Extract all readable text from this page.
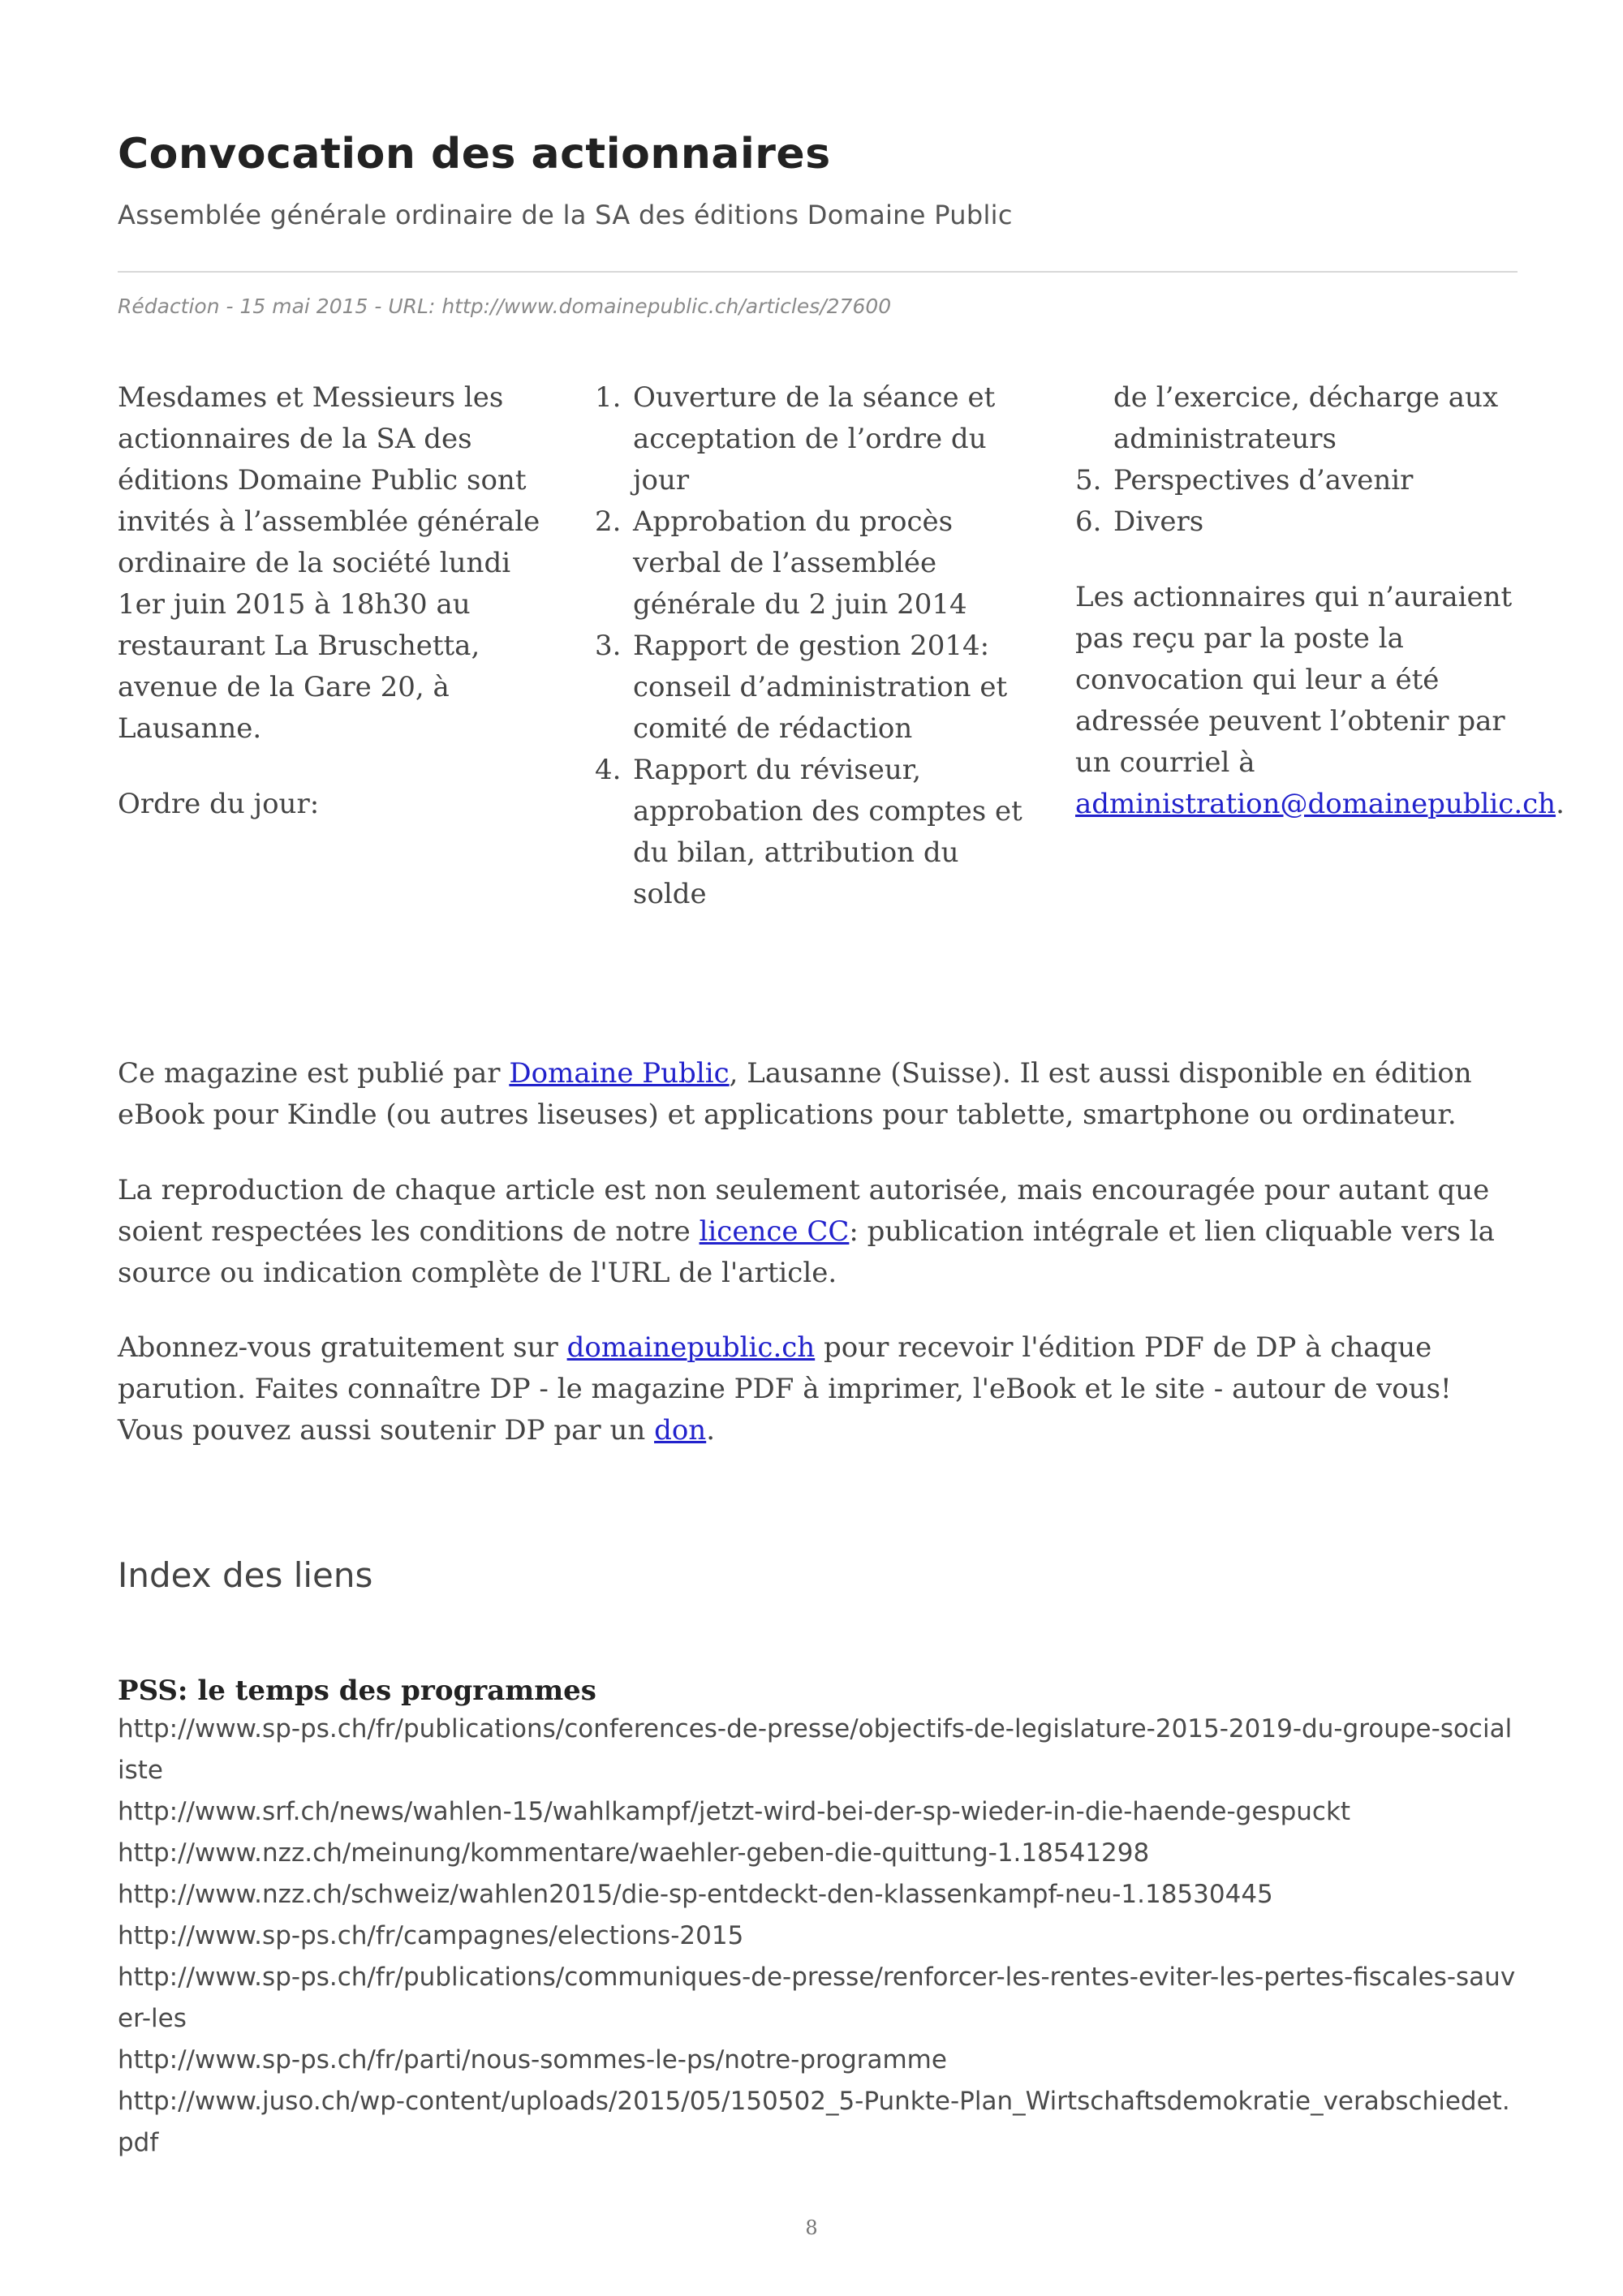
Convocation des actionnaires
Assemblée générale ordinaire de la SA des éditions Domaine Public
Rédaction - 15 mai 2015 - URL: http://www.domainepublic.ch/articles/27600

Mesdames et Messieurs les actionnaires de la SA des éditions Domaine Public sont invités à l’assemblée générale ordinaire de la société lundi 1er juin 2015 à 18h30 au restaurant La Bruschetta, avenue de la Gare 20, à Lausanne.

Ordre du jour:

1. Ouverture de la séance et acceptation de l’ordre du jour
2. Approbation du procès verbal de l’assemblée générale du 2 juin 2014
3. Rapport de gestion 2014: conseil d’administration et comité de rédaction
4. Rapport du réviseur, approbation des comptes et du bilan, attribution du solde
de l’exercice, décharge aux administrateurs
5. Perspectives d’avenir
6. Divers

Les actionnaires qui n’auraient pas reçu par la poste la convocation qui leur a été adressée peuvent l’obtenir par un courriel à administration@domainepublic.ch.

Ce magazine est publié par Domaine Public, Lausanne (Suisse). Il est aussi disponible en édition eBook pour Kindle (ou autres liseuses) et applications pour tablette, smartphone ou ordinateur.

La reproduction de chaque article est non seulement autorisée, mais encouragée pour autant que soient respectées les conditions de notre licence CC: publication intégrale et lien cliquable vers la source ou indication complète de l'URL de l'article.

Abonnez-vous gratuitement sur domainepublic.ch pour recevoir l'édition PDF de DP à chaque parution. Faites connaître DP - le magazine PDF à imprimer, l'eBook et le site - autour de vous! Vous pouvez aussi soutenir DP par un don.

Index des liens
PSS: le temps des programmes
http://www.sp-ps.ch/fr/publications/conferences-de-presse/objectifs-de-legislature-2015-2019-du-groupe-socialiste
http://www.srf.ch/news/wahlen-15/wahlkampf/jetzt-wird-bei-der-sp-wieder-in-die-haende-gespuckt
http://www.nzz.ch/meinung/kommentare/waehler-geben-die-quittung-1.18541298
http://www.nzz.ch/schweiz/wahlen2015/die-sp-entdeckt-den-klassenkampf-neu-1.18530445
http://www.sp-ps.ch/fr/campagnes/elections-2015
http://www.sp-ps.ch/fr/publications/communiques-de-presse/renforcer-les-rentes-eviter-les-pertes-fiscales-sauver-les
http://www.sp-ps.ch/fr/parti/nous-sommes-le-ps/notre-programme
http://www.juso.ch/wp-content/uploads/2015/05/150502_5-Punkte-Plan_Wirtschaftsdemokratie_verabschiedet.pdf
8
